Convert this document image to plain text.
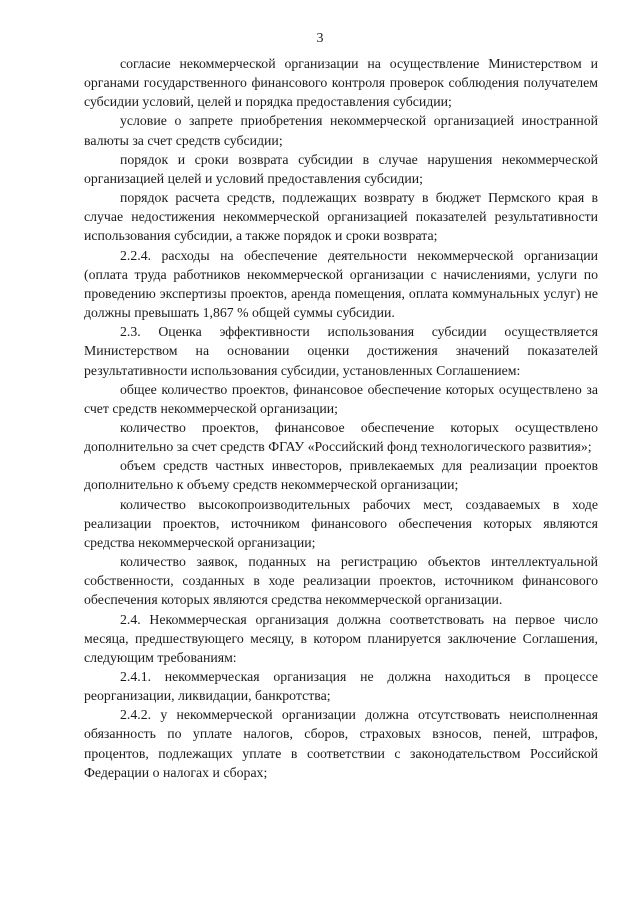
3

согласие некоммерческой организации на осуществление Министерством и органами государственного финансового контроля проверок соблюдения получателем субсидии условий, целей и порядка предоставления субсидии;

условие о запрете приобретения некоммерческой организацией иностранной валюты за счет средств субсидии;

порядок и сроки возврата субсидии в случае нарушения некоммерческой организацией целей и условий предоставления субсидии;

порядок расчета средств, подлежащих возврату в бюджет Пермского края в случае недостижения некоммерческой организацией показателей результативности использования субсидии, а также порядок и сроки возврата;

2.2.4. расходы на обеспечение деятельности некоммерческой организации (оплата труда работников некоммерческой организации с начислениями, услуги по проведению экспертизы проектов, аренда помещения, оплата коммунальных услуг) не должны превышать 1,867 % общей суммы субсидии.

2.3. Оценка эффективности использования субсидии осуществляется Министерством на основании оценки достижения значений показателей результативности использования субсидии, установленных Соглашением:

общее количество проектов, финансовое обеспечение которых осуществлено за счет средств некоммерческой организации;

количество проектов, финансовое обеспечение которых осуществлено дополнительно за счет средств ФГАУ «Российский фонд технологического развития»;

объем средств частных инвесторов, привлекаемых для реализации проектов дополнительно к объему средств некоммерческой организации;

количество высокопроизводительных рабочих мест, создаваемых в ходе реализации проектов, источником финансового обеспечения которых являются средства некоммерческой организации;

количество заявок, поданных на регистрацию объектов интеллектуальной собственности, созданных в ходе реализации проектов, источником финансового обеспечения которых являются средства некоммерческой организации.

2.4. Некоммерческая организация должна соответствовать на первое число месяца, предшествующего месяцу, в котором планируется заключение Соглашения, следующим требованиям:

2.4.1. некоммерческая организация не должна находиться в процессе реорганизации, ликвидации, банкротства;

2.4.2. у некоммерческой организации должна отсутствовать неисполненная обязанность по уплате налогов, сборов, страховых взносов, пеней, штрафов, процентов, подлежащих уплате в соответствии с законодательством Российской Федерации о налогах и сборах;
